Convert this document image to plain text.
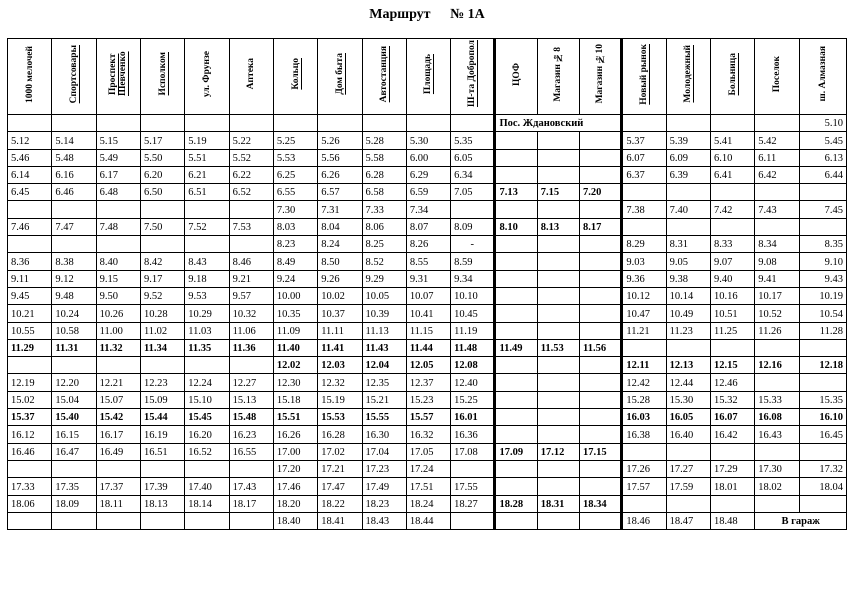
Маршрут № 1А
1000 мелочей	Спортсовары	Проспект Шевченко	Исполком	ул. Фрунзе	Аптека	Кольцо	Дом быта	Автостанция	Площадь	Ш-та Добропол	ЦОФ	Магазин №8	Магазин №10	Новый рынок	Молодежный	Больница	Поселок	ш. Алмазная
											Пос. Ждановский							5.10
5.12	5.14	5.15	5.17	5.19	5.22	5.25	5.26	5.28	5.30	5.35				5.37	5.39	5.41	5.42	5.45
5.46	5.48	5.49	5.50	5.51	5.52	5.53	5.56	5.58	6.00	6.05				6.07	6.09	6.10	6.11	6.13
6.14	6.16	6.17	6.20	6.21	6.22	6.25	6.26	6.28	6.29	6.34				6.37	6.39	6.41	6.42	6.44
6.45	6.46	6.48	6.50	6.51	6.52	6.55	6.57	6.58	6.59	7.05	7.13	7.15	7.20					
						7.30	7.31	7.33	7.34					7.38	7.40	7.42	7.43	7.45
7.46	7.47	7.48	7.50	7.52	7.53	8.03	8.04	8.06	8.07	8.09	8.10	8.13	8.17					
						8.23	8.24	8.25	8.26	-				8.29	8.31	8.33	8.34	8.35
8.36	8.38	8.40	8.42	8.43	8.46	8.49	8.50	8.52	8.55	8.59				9.03	9.05	9.07	9.08	9.10
9.11	9.12	9.15	9.17	9.18	9.21	9.24	9.26	9.29	9.31	9.34				9.36	9.38	9.40	9.41	9.43
9.45	9.48	9.50	9.52	9.53	9.57	10.00	10.02	10.05	10.07	10.10				10.12	10.14	10.16	10.17	10.19
10.21	10.24	10.26	10.28	10.29	10.32	10.35	10.37	10.39	10.41	10.45				10.47	10.49	10.51	10.52	10.54
10.55	10.58	11.00	11.02	11.03	11.06	11.09	11.11	11.13	11.15	11.19				11.21	11.23	11.25	11.26	11.28
11.29	11.31	11.32	11.34	11.35	11.36	11.40	11.41	11.43	11.44	11.48	11.49	11.53	11.56					
						12.02	12.03	12.04	12.05	12.08				12.11	12.13	12.15	12.16	12.18
12.19	12.20	12.21	12.23	12.24	12.27	12.30	12.32	12.35	12.37	12.40				12.42	12.44	12.46		
15.02	15.04	15.07	15.09	15.10	15.13	15.18	15.19	15.21	15.23	15.25				15.28	15.30	15.32	15.33	15.35
15.37	15.40	15.42	15.44	15.45	15.48	15.51	15.53	15.55	15.57	16.01				16.03	16.05	16.07	16.08	16.10
16.12	16.15	16.17	16.19	16.20	16.23	16.26	16.28	16.30	16.32	16.36				16.38	16.40	16.42	16.43	16.45
16.46	16.47	16.49	16.51	16.52	16.55	17.00	17.02	17.04	17.05	17.08	17.09	17.12	17.15					
						17.20	17.21	17.23	17.24					17.26	17.27	17.29	17.30	17.32
17.33	17.35	17.37	17.39	17.40	17.43	17.46	17.47	17.49	17.51	17.55				17.57	17.59	18.01	18.02	18.04
18.06	18.09	18.11	18.13	18.14	18.17	18.20	18.22	18.23	18.24	18.27	18.28	18.31	18.34					
						18.40	18.41	18.43	18.44					18.46	18.47	18.48	В гараж	
